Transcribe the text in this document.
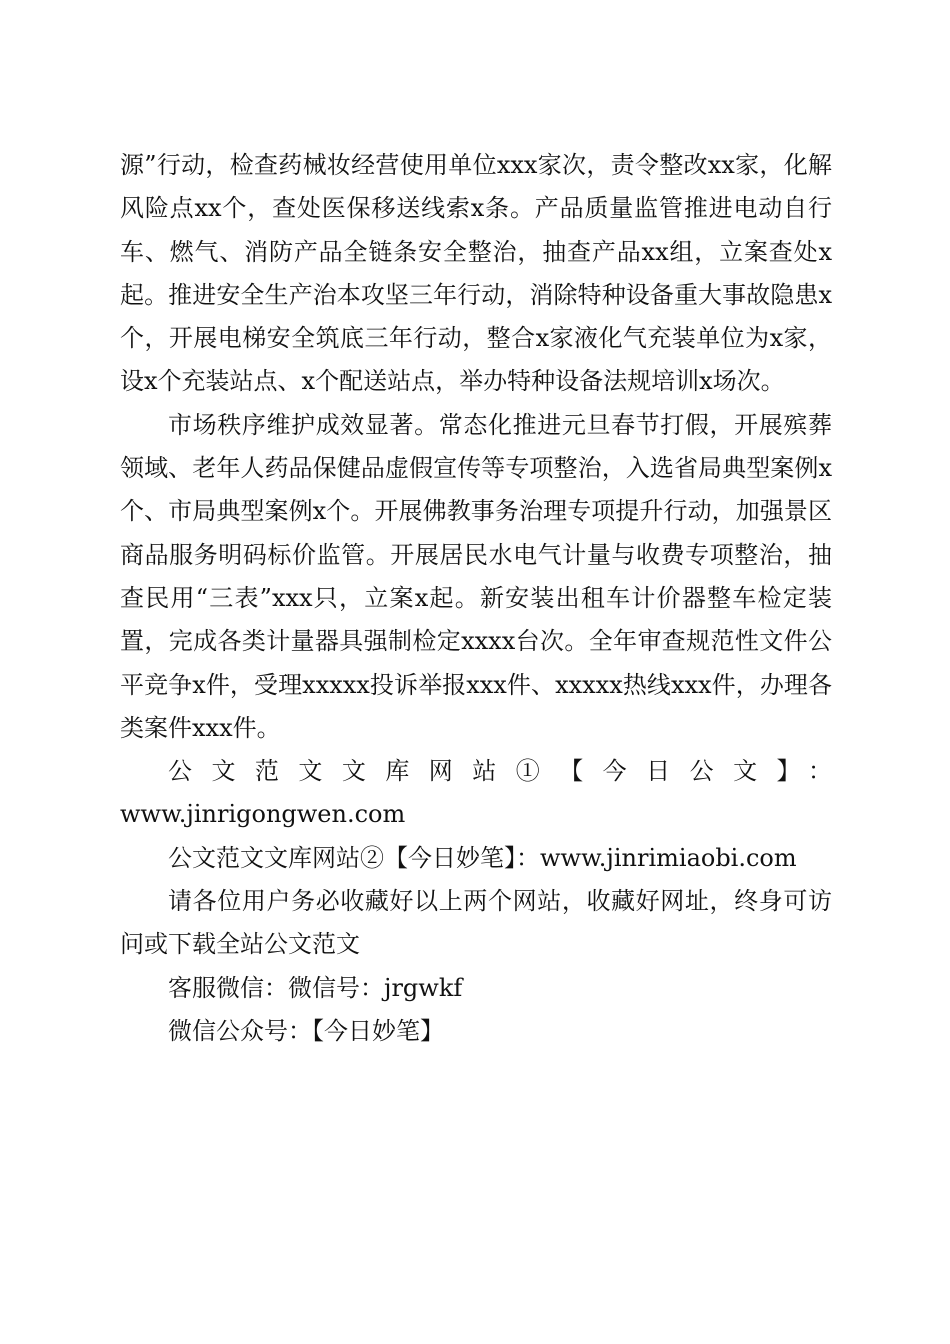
源”行动，检查药械妆经营使用单位xxx家次，责令整改xx家，化解风险点xx个，查处医保移送线索x条。产品质量监管推进电动自行车、燃气、消防产品全链条安全整治，抽查产品xx组，立案查处x起。推进安全生产治本攻坚三年行动，消除特种设备重大事故隐患x个，开展电梯安全筑底三年行动，整合x家液化气充装单位为x家，设x个充装站点、x个配送站点，举办特种设备法规培训x场次。

市场秩序维护成效显著。常态化推进元旦春节打假，开展殡葬领域、老年人药品保健品虚假宣传等专项整治，入选省局典型案例x个、市局典型案例x个。开展佛教事务治理专项提升行动，加强景区商品服务明码标价监管。开展居民水电气计量与收费专项整治，抽查民用“三表”xxx只，立案x起。新安装出租车计价器整车检定装置，完成各类计量器具强制检定xxxx台次。全年审查规范性文件公平竞争x件，受理xxxxx投诉举报xxx件、xxxxx热线xxx件，办理各类案件xxx件。

公文范文文库网站①【今日公文】：

www.jinrigongwen.com

公文范文文库网站②【今日妙笔】：www.jinrimiaobi.com

请各位用户务必收藏好以上两个网站，收藏好网址，终身可访问或下载全站公文范文

客服微信：微信号：jrgwkf

微信公众号：【今日妙笔】
